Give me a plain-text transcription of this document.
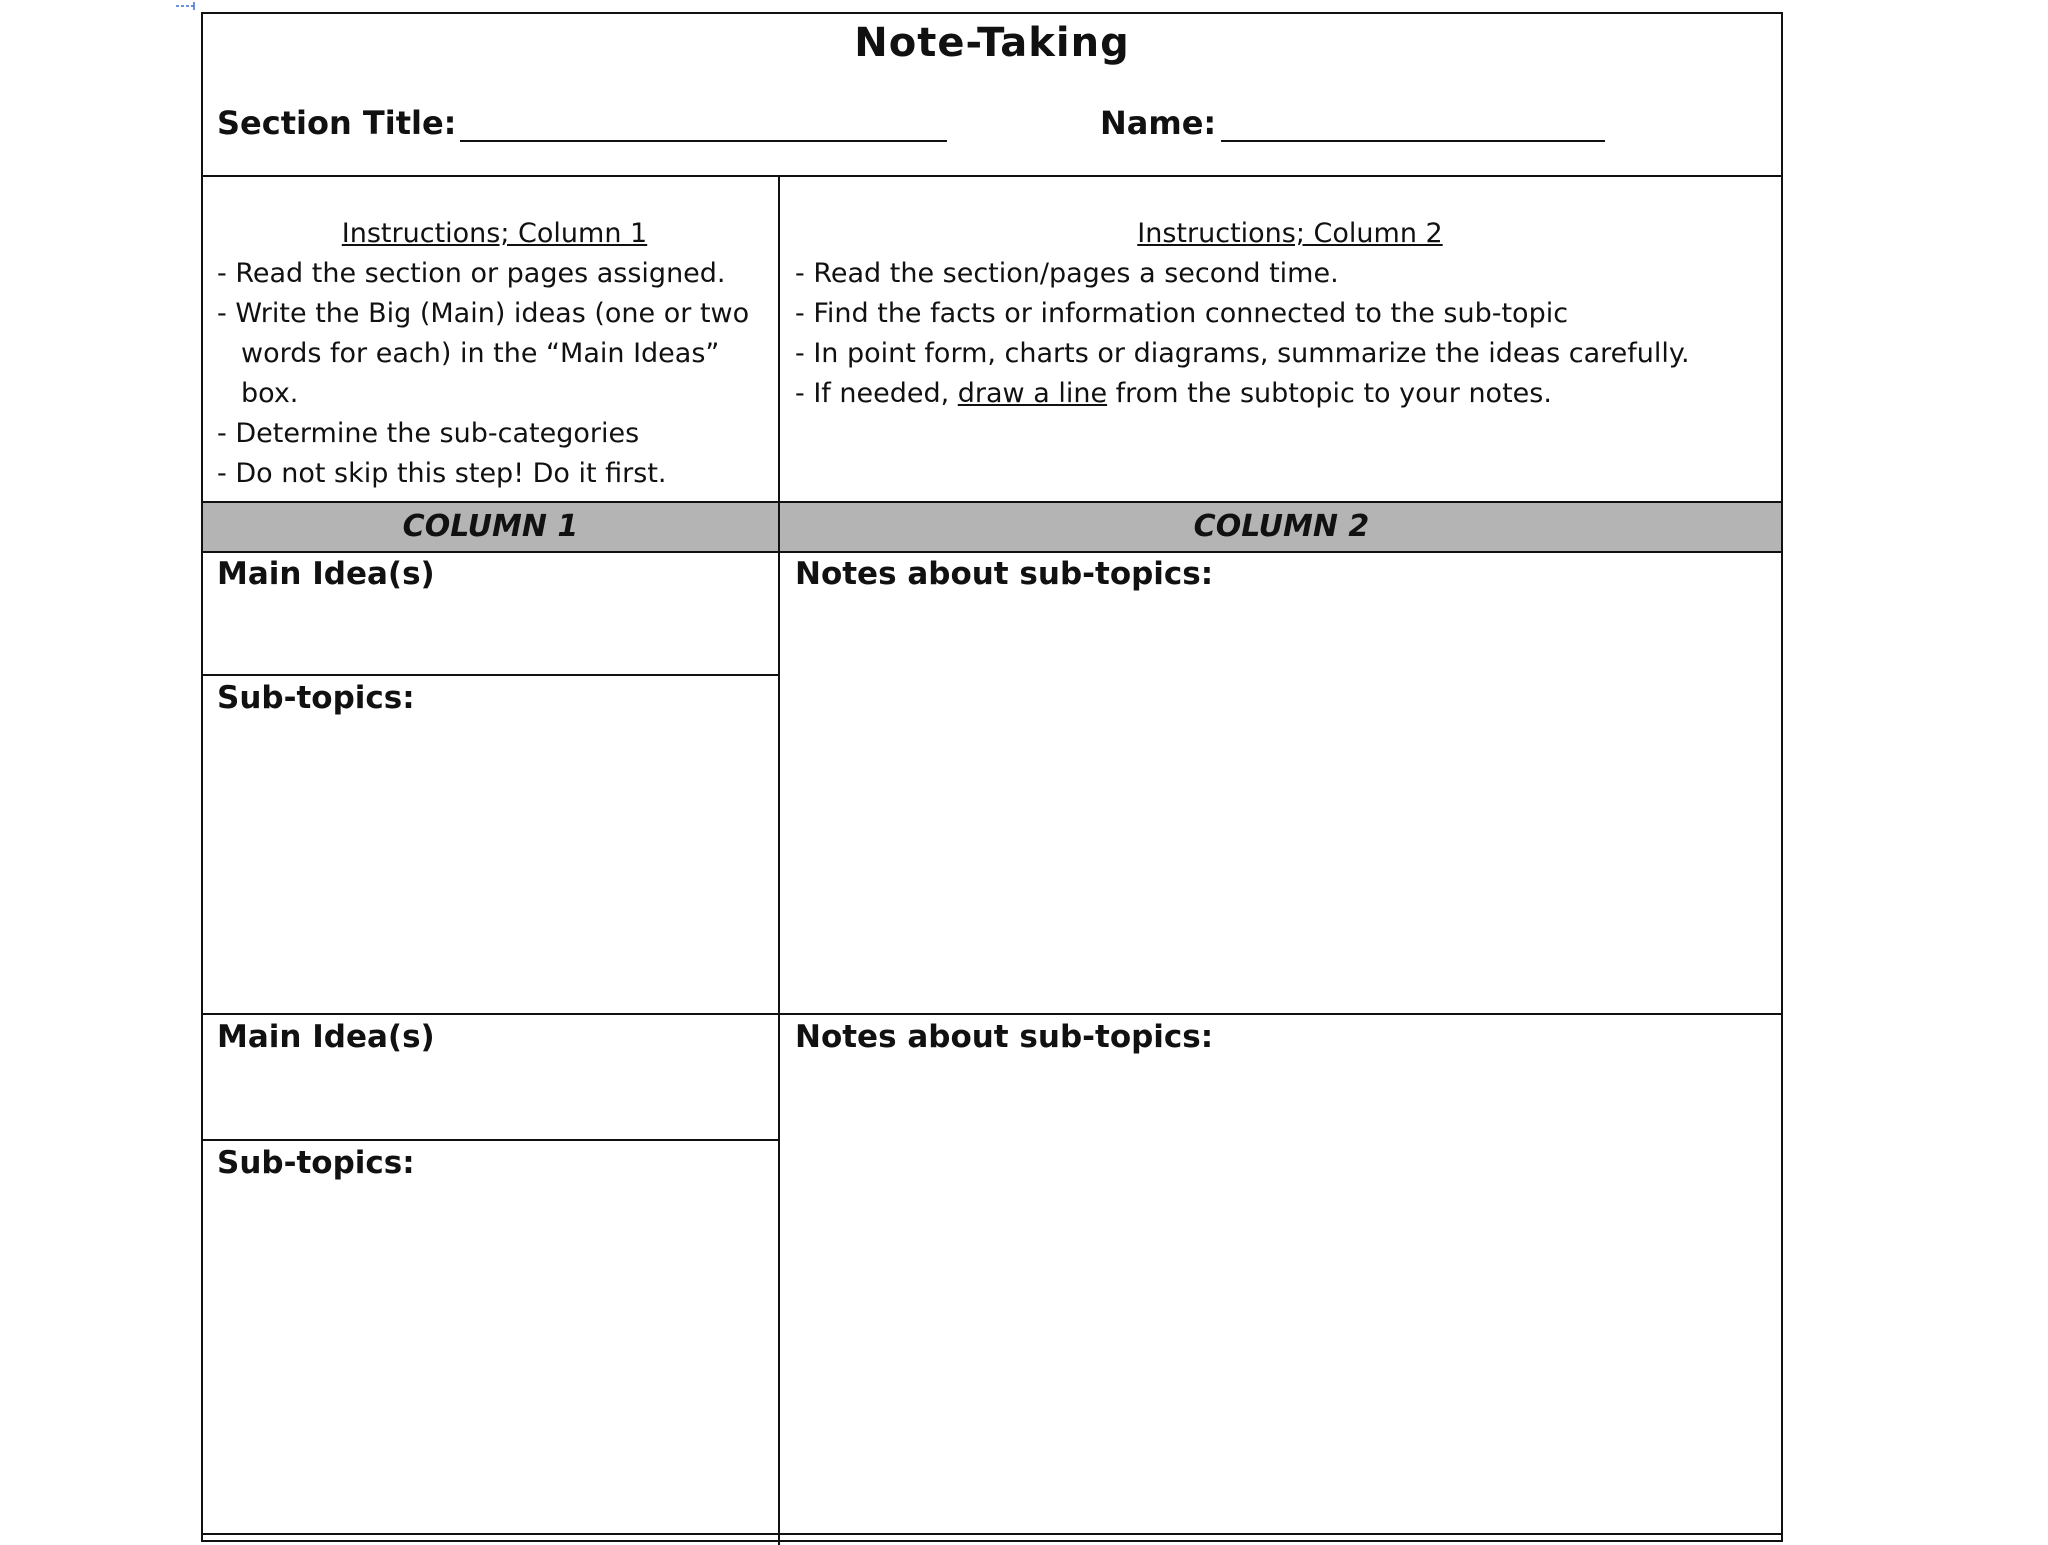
Note-Taking
Section Title:	Name:
Instructions; Column 1
- Read the section or pages assigned.
- Write the Big (Main) ideas (one or two words for each) in the “Main Ideas” box.
- Determine the sub-categories
- Do not skip this step! Do it first.
Instructions; Column 2
- Read the section/pages a second time.
- Find the facts or information connected to the sub-topic
- In point form, charts or diagrams, summarize the ideas carefully.
- If needed, draw a line from the subtopic to your notes.
COLUMN 1	COLUMN 2
Main Idea(s)
Sub-topics:
Notes about sub-topics:
Main Idea(s)
Sub-topics:
Notes about sub-topics:
